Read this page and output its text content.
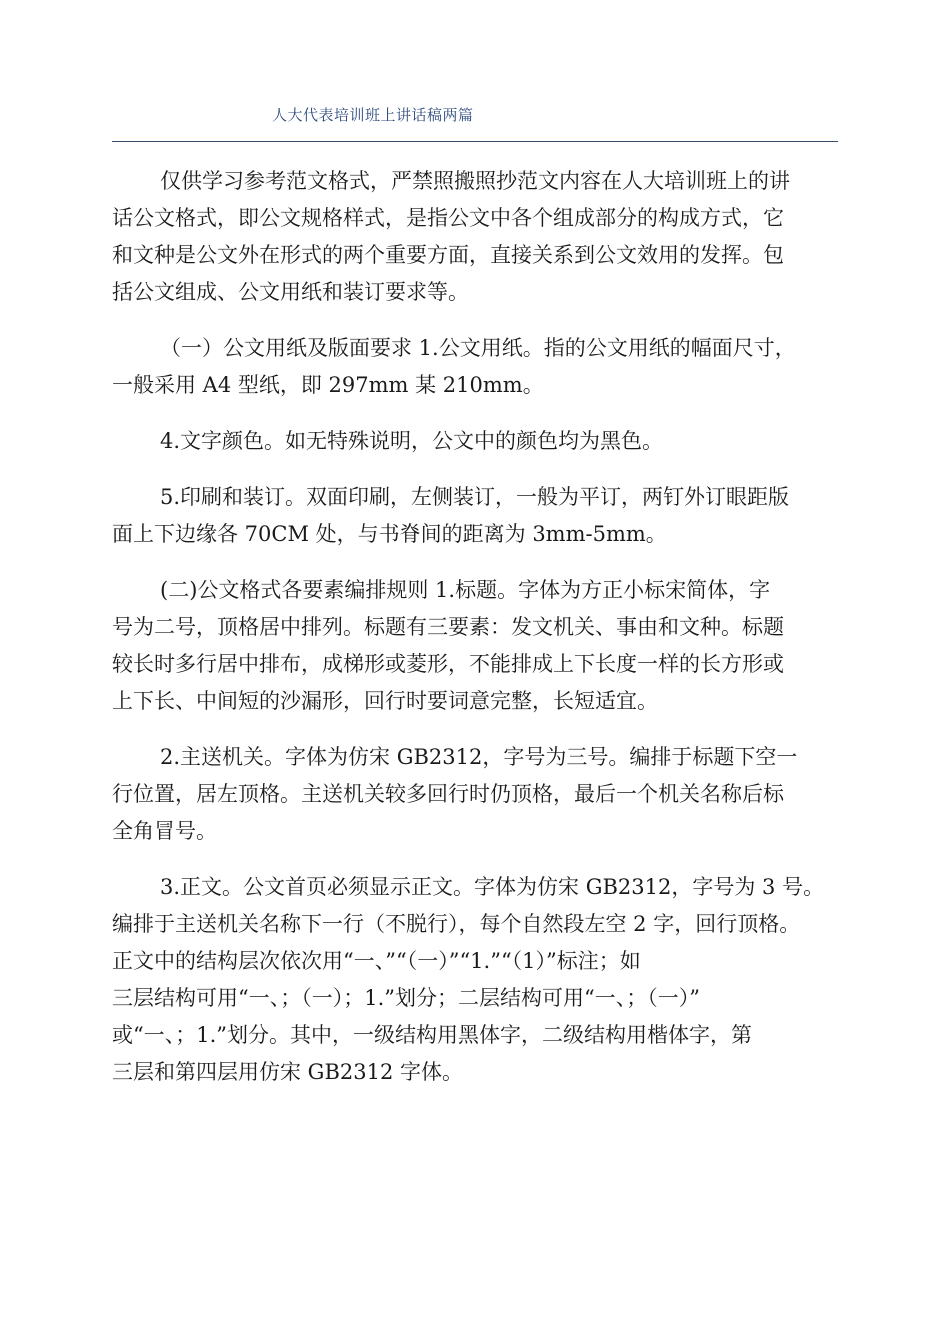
人大代表培训班上讲话稿两篇

仅供学习参考范文格式，严禁照搬照抄范文内容在人大培训班上的讲
话公文格式，即公文规格样式，是指公文中各个组成部分的构成方式，它
和文种是公文外在形式的两个重要方面，直接关系到公文效用的发挥。包
括公文组成、公文用纸和装订要求等。

（一）公文用纸及版面要求 1.公文用纸。指的公文用纸的幅面尺寸，
一般采用 A4 型纸，即 297mm 某 210mm。

4.文字颜色。如无特殊说明，公文中的颜色均为黑色。

5.印刷和装订。双面印刷，左侧装订，一般为平订，两钉外订眼距版
面上下边缘各 70CM 处，与书脊间的距离为 3mm-5mm。

(二)公文格式各要素编排规则 1.标题。字体为方正小标宋简体，字
号为二号，顶格居中排列。标题有三要素：发文机关、事由和文种。标题
较长时多行居中排布，成梯形或菱形，不能排成上下长度一样的长方形或
上下长、中间短的沙漏形，回行时要词意完整，长短适宜。

2.主送机关。字体为仿宋 GB2312，字号为三号。编排于标题下空一
行位置，居左顶格。主送机关较多回行时仍顶格，最后一个机关名称后标
全角冒号。

3.正文。公文首页必须显示正文。字体为仿宋 GB2312，字号为 3 号。
编排于主送机关名称下一行（不脱行），每个自然段左空 2 字，回行顶格。
正文中的结构层次依次用“一、”“（一）”“1.”“（1）”标注；如
三层结构可用“一、；（一）；1.”划分；二层结构可用“一、；（一）”
或“一、；1.”划分。其中，一级结构用黑体字，二级结构用楷体字，第
三层和第四层用仿宋 GB2312 字体。
